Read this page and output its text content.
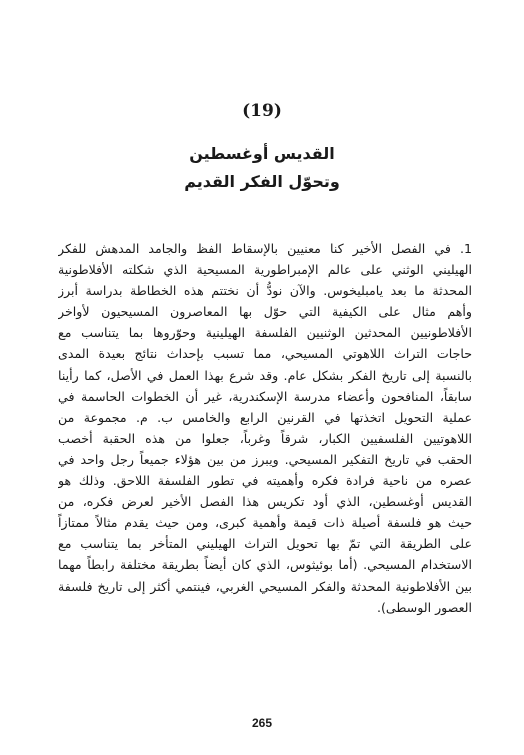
(19)
القديس أوغسطين
وتحوّل الفكر القديم
1. في الفصل الأخير كنا معنيين بالإسقاط الفظ والجامد المدهش للفكر
الهيليني الوثني على عالم الإمبراطورية المسيحية الذي شكلته الأفلاطونية
المحدثة ما بعد يامبليخوس. والآن نودُّ أن نختتم هذه الخطاطة بدراسة أبرز
وأهم مثال على الكيفية التي حوّل بها المعاصرون المسيحيون لأواخر
الأفلاطونيين المحدثين الوثنيين الفلسفة الهيلينية وحوّروها بما يتناسب مع
حاجات التراث اللاهوتي المسيحي، مما تسبب بإحداث نتائج بعيدة المدى
بالنسبة إلى تاريخ الفكر بشكل عام. وقد شرع بهذا العمل في الأصل، كما رأينا
سابقاً، المنافحون وأعضاء مدرسة الإسكندرية، غير أن الخطوات الحاسمة في
عملية التحويل اتخذتها في القرنين الرابع والخامس ب. م. مجموعة من
اللاهوتيين الفلسفيين الكبار، شرقاً وغرباً، جعلوا من هذه الحقبة أخصب
الحقب في تاريخ التفكير المسيحي. ويبرز من بين هؤلاء جميعاً رجل واحد في
عصره من ناحية فرادة فكره وأهميته في تطور الفلسفة اللاحق. وذلك هو
القديس أوغسطين، الذي أود تكريس هذا الفصل الأخير لعرض فكره، من
حيث هو فلسفة أصيلة ذات قيمة وأهمية كبرى، ومن حيث يقدم مثالاً ممتازاً
على الطريقة التي تمّ بها تحويل التراث الهيليني المتأخر بما يتناسب مع
الاستخدام المسيحي. (أما بوئيثوس، الذي كان أيضاً بطريقة مختلفة رابطاً مهما
بين الأفلاطونية المحدثة والفكر المسيحي الغربي، فينتمي أكثر إلى تاريخ فلسفة
العصور الوسطى).
265
